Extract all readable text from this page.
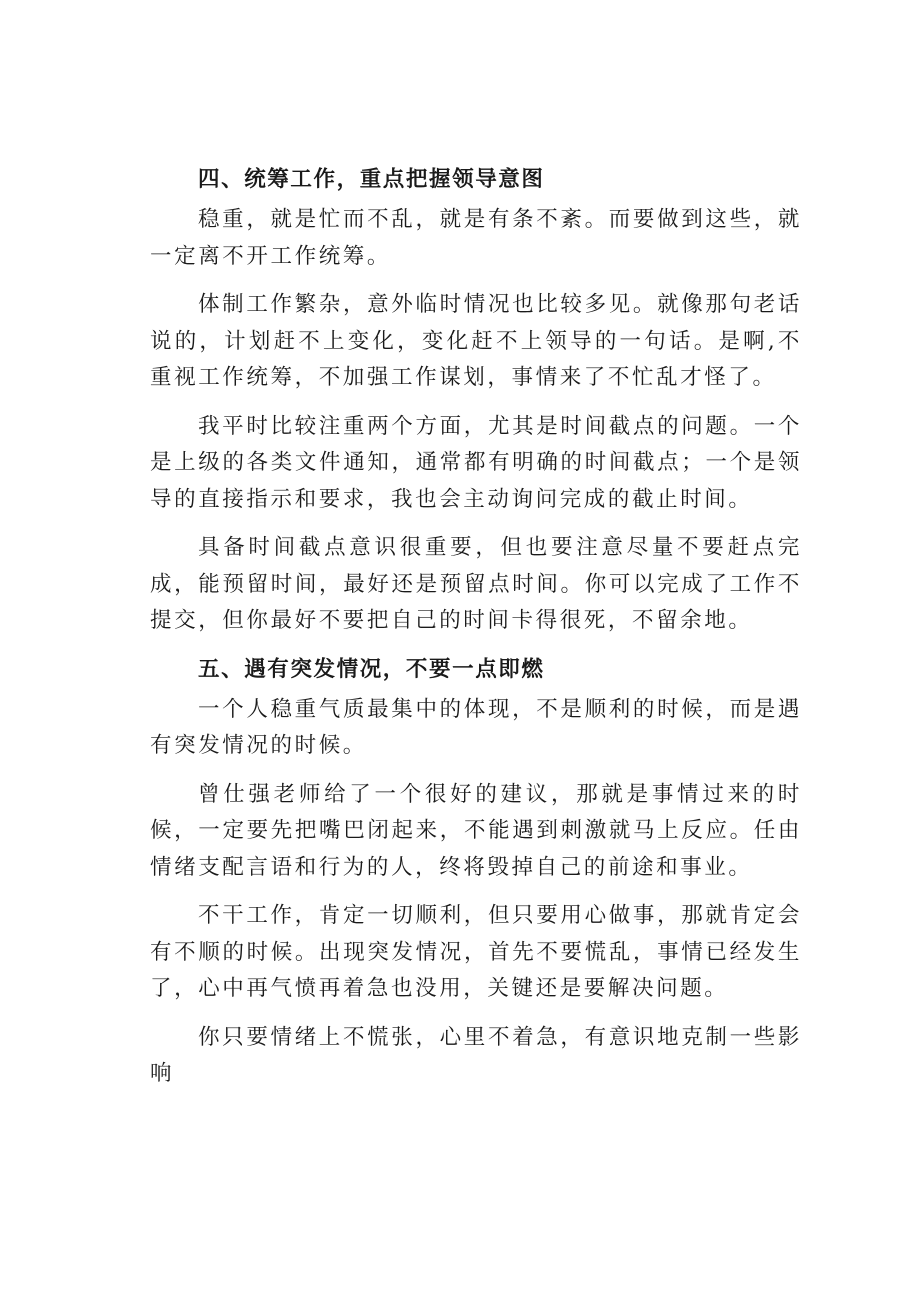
四、统筹工作，重点把握领导意图

稳重，就是忙而不乱，就是有条不紊。而要做到这些，就一定离不开工作统筹。

体制工作繁杂，意外临时情况也比较多见。就像那句老话说的，计划赶不上变化，变化赶不上领导的一句话。是啊,不重视工作统筹，不加强工作谋划，事情来了不忙乱才怪了。

我平时比较注重两个方面，尤其是时间截点的问题。一个是上级的各类文件通知，通常都有明确的时间截点；一个是领导的直接指示和要求，我也会主动询问完成的截止时间。

具备时间截点意识很重要，但也要注意尽量不要赶点完成，能预留时间，最好还是预留点时间。你可以完成了工作不提交，但你最好不要把自己的时间卡得很死，不留余地。

五、遇有突发情况，不要一点即燃

一个人稳重气质最集中的体现，不是顺利的时候，而是遇有突发情况的时候。

曾仕强老师给了一个很好的建议，那就是事情过来的时候，一定要先把嘴巴闭起来，不能遇到刺激就马上反应。任由情绪支配言语和行为的人，终将毁掉自己的前途和事业。

不干工作，肯定一切顺利，但只要用心做事，那就肯定会有不顺的时候。出现突发情况，首先不要慌乱，事情已经发生了，心中再气愤再着急也没用，关键还是要解决问题。

你只要情绪上不慌张，心里不着急，有意识地克制一些影响
